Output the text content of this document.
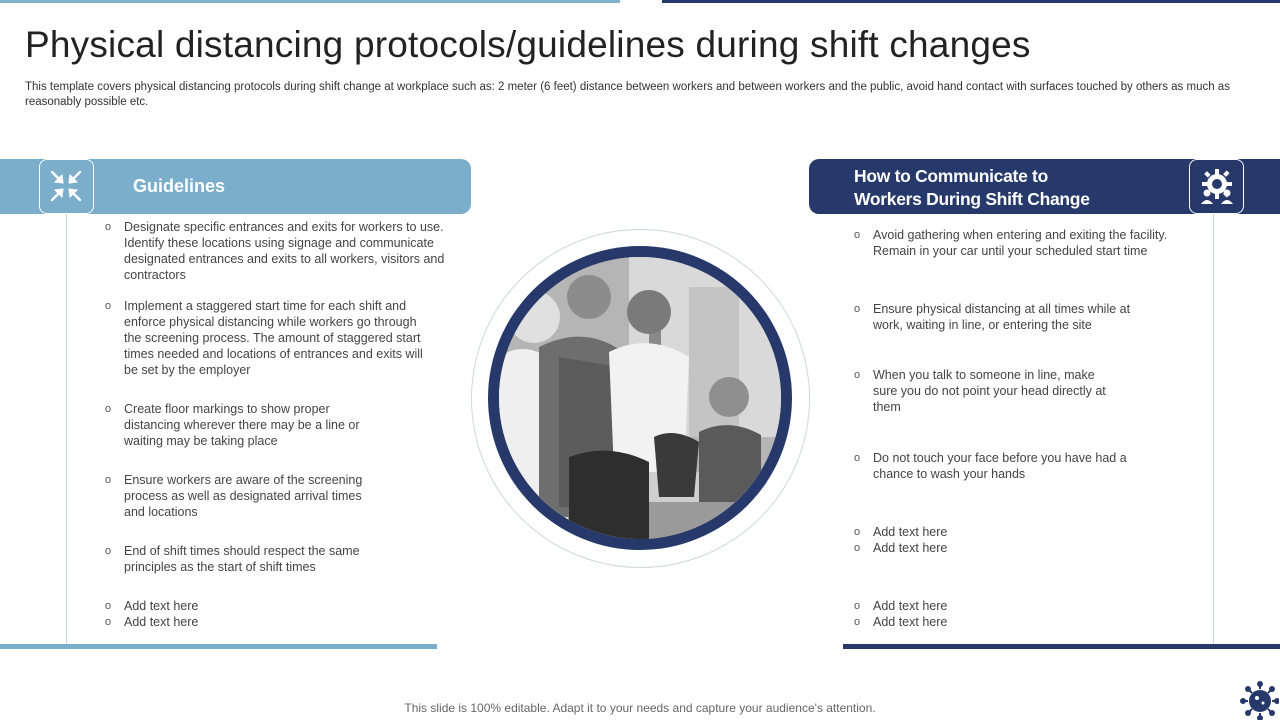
Physical distancing protocols/guidelines during shift changes

This template covers physical distancing protocols during shift change at workplace such as: 2 meter (6 feet) distance between workers and between workers and the public, avoid hand contact with surfaces touched by others as much as reasonably possible etc.

Guidelines
o Designate specific entrances and exits for workers to use. Identify these locations using signage and communicate designated entrances and exits to all workers, visitors and contractors
o Implement a staggered start time for each shift and enforce physical distancing while workers go through the screening process. The amount of staggered start times needed and locations of entrances and exits will be set by the employer
o Create floor markings to show proper distancing wherever there may be a line or waiting may be taking place
o Ensure workers are aware of the screening process as well as designated arrival times and locations
o End of shift times should respect the same principles as the start of shift times
o Add text here
o Add text here
How to Communicate to
Workers During Shift Change
o Avoid gathering when entering and exiting the facility. Remain in your car until your scheduled start time
o Ensure physical distancing at all times while at work, waiting in line, or entering the site
o When you talk to someone in line, make sure you do not point your head directly at them
o Do not touch your face before you have had a chance to wash your hands
o Add text here
o Add text here
o Add text here
o Add text here
This slide is 100% editable. Adapt it to your needs and capture your audience's attention.
